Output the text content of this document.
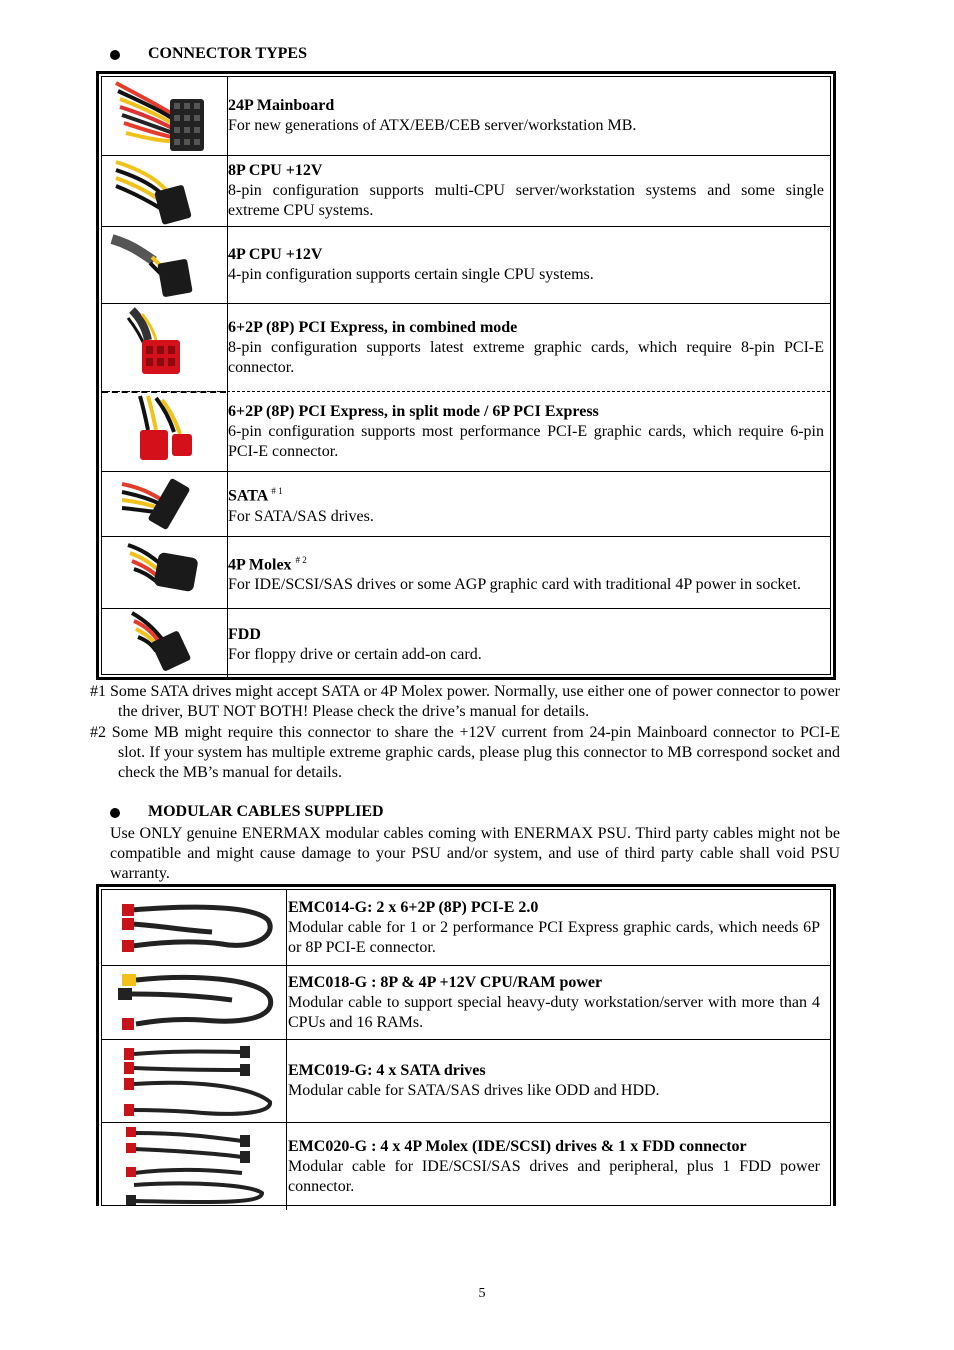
CONNECTOR TYPES
24P Mainboard
For new generations of ATX/EEB/CEB server/workstation MB.
8P CPU +12V
8-pin configuration supports multi-CPU server/workstation systems and some single extreme CPU systems.
4P CPU +12V
4-pin configuration supports certain single CPU systems.
6+2P (8P) PCI Express, in combined mode
8-pin configuration supports latest extreme graphic cards, which require 8-pin PCI-E connector.
6+2P (8P) PCI Express, in split mode / 6P PCI Express
6-pin configuration supports most performance PCI-E graphic cards, which require 6-pin PCI-E connector.
SATA $^{\# 1}$
For SATA/SAS drives.
4P Molex $^{\# 2}$
For IDE/SCSI/SAS drives or some AGP graphic card with traditional 4P power in socket.
FDD
For floppy drive or certain add-on card.
#1 Some SATA drives might accept SATA or 4P Molex power. Normally, use either one of power connector to power the driver, BUT NOT BOTH! Please check the drive’s manual for details.
#2 Some MB might require this connector to share the +12V current from 24-pin Mainboard connector to PCI-E slot. If your system has multiple extreme graphic cards, please plug this connector to MB correspond socket and check the MB’s manual for details.
MODULAR CABLES SUPPLIED
Use ONLY genuine ENERMAX modular cables coming with ENERMAX PSU. Third party cables might not be compatible and might cause damage to your PSU and/or system, and use of third party cable shall void PSU warranty.
EMC014-G: 2 x 6+2P (8P) PCI-E 2.0
Modular cable for 1 or 2 performance PCI Express graphic cards, which needs 6P or 8P PCI-E connector.
EMC018-G : 8P & 4P +12V CPU/RAM power
Modular cable to support special heavy-duty workstation/server with more than 4 CPUs and 16 RAMs.
EMC019-G: 4 x SATA drives
Modular cable for SATA/SAS drives like ODD and HDD.
EMC020-G : 4 x 4P Molex (IDE/SCSI) drives & 1 x FDD connector
Modular cable for IDE/SCSI/SAS drives and peripheral, plus 1 FDD power connector.
5
